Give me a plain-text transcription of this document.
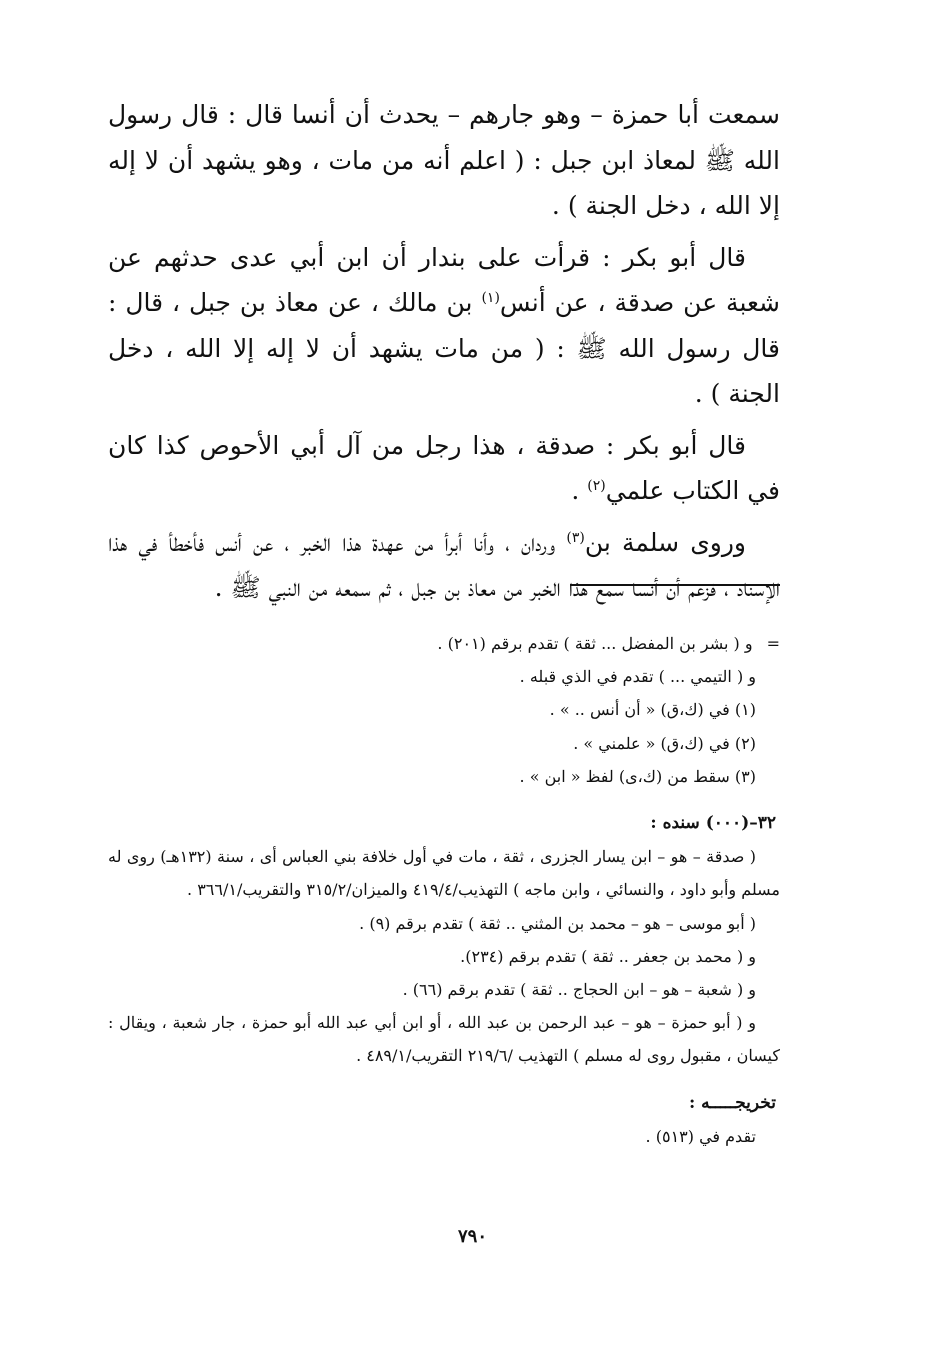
سمعت أبا حمزة – وهو جارهم – يحدث أن أنسا قال : قال رسول الله ﷺ لمعاذ ابن جبل : ( اعلم أنه من مات ، وهو يشهد أن لا إله إلا الله ، دخل الجنة ) .

قال أبو بكر : قرأت على بندار أن ابن أبي عدى حدثهم عن شعبة عن صدقة ، عن أنس$^{(١)}$ بن مالك ، عن معاذ بن جبل ، قال : قال رسول الله ﷺ : ( من مات يشهد أن لا إله إلا الله ، دخل الجنة ) .

قال أبو بكر : صدقة ، هذا رجل من آل أبي الأحوص كذا كان في الكتاب علمي$^{(٢)}$ .

وروى سلمة بن$^{(٣)}$ وردان ، وأنا أبرأ من عهدة هذا الخبر ، عن أنس فأخطأ في هذا الإسناد ، فزعم أن أنسا سمع هذا الخبر من معاذ بن جبل ، ثم سمعه من النبي ﷺ .

=و ( بشر بن المفضل ... ثقة ) تقدم برقم (٢٠١) .
و ( التيمي ... ) تقدم في الذي قبله .
(١) في (ك،ق) « أن أنس .. » .
(٢) في (ك،ق) « علمني » .
(٣) سقط من (ك،ى) لفظ « ابن » .
٣٢–(٠٠٠) سنده :
( صدقة – هو – ابن يسار الجزرى ، ثقة ، مات في أول خلافة بني العباس أى ، سنة (١٣٢هـ) روى له
مسلم وأبو داود ، والنسائي ، وابن ماجه ) التهذيب/٤١٩/٤ والميزان/٣١٥/٢ والتقريب/٣٦٦/١ .
( أبو موسى – هو – محمد بن المثني .. ثقة ) تقدم برقم (٩) .
و ( محمد بن جعفر .. ثقة ) تقدم برقم (٢٣٤).
و ( شعبة – هو – ابن الحجاج .. ثقة ) تقدم برقم (٦٦) .
و ( أبو حمزة – هو – عبد الرحمن بن عبد الله ، أو ابن أبي عبد الله أبو حمزة ، جار شعبة ، ويقال :
كيسان ، مقبول روى له مسلم ) التهذيب /٢١٩/٦ التقريب/٤٨٩/١ .
تخريجـــــه :
تقدم في (٥١٣) .
٧٩٠
